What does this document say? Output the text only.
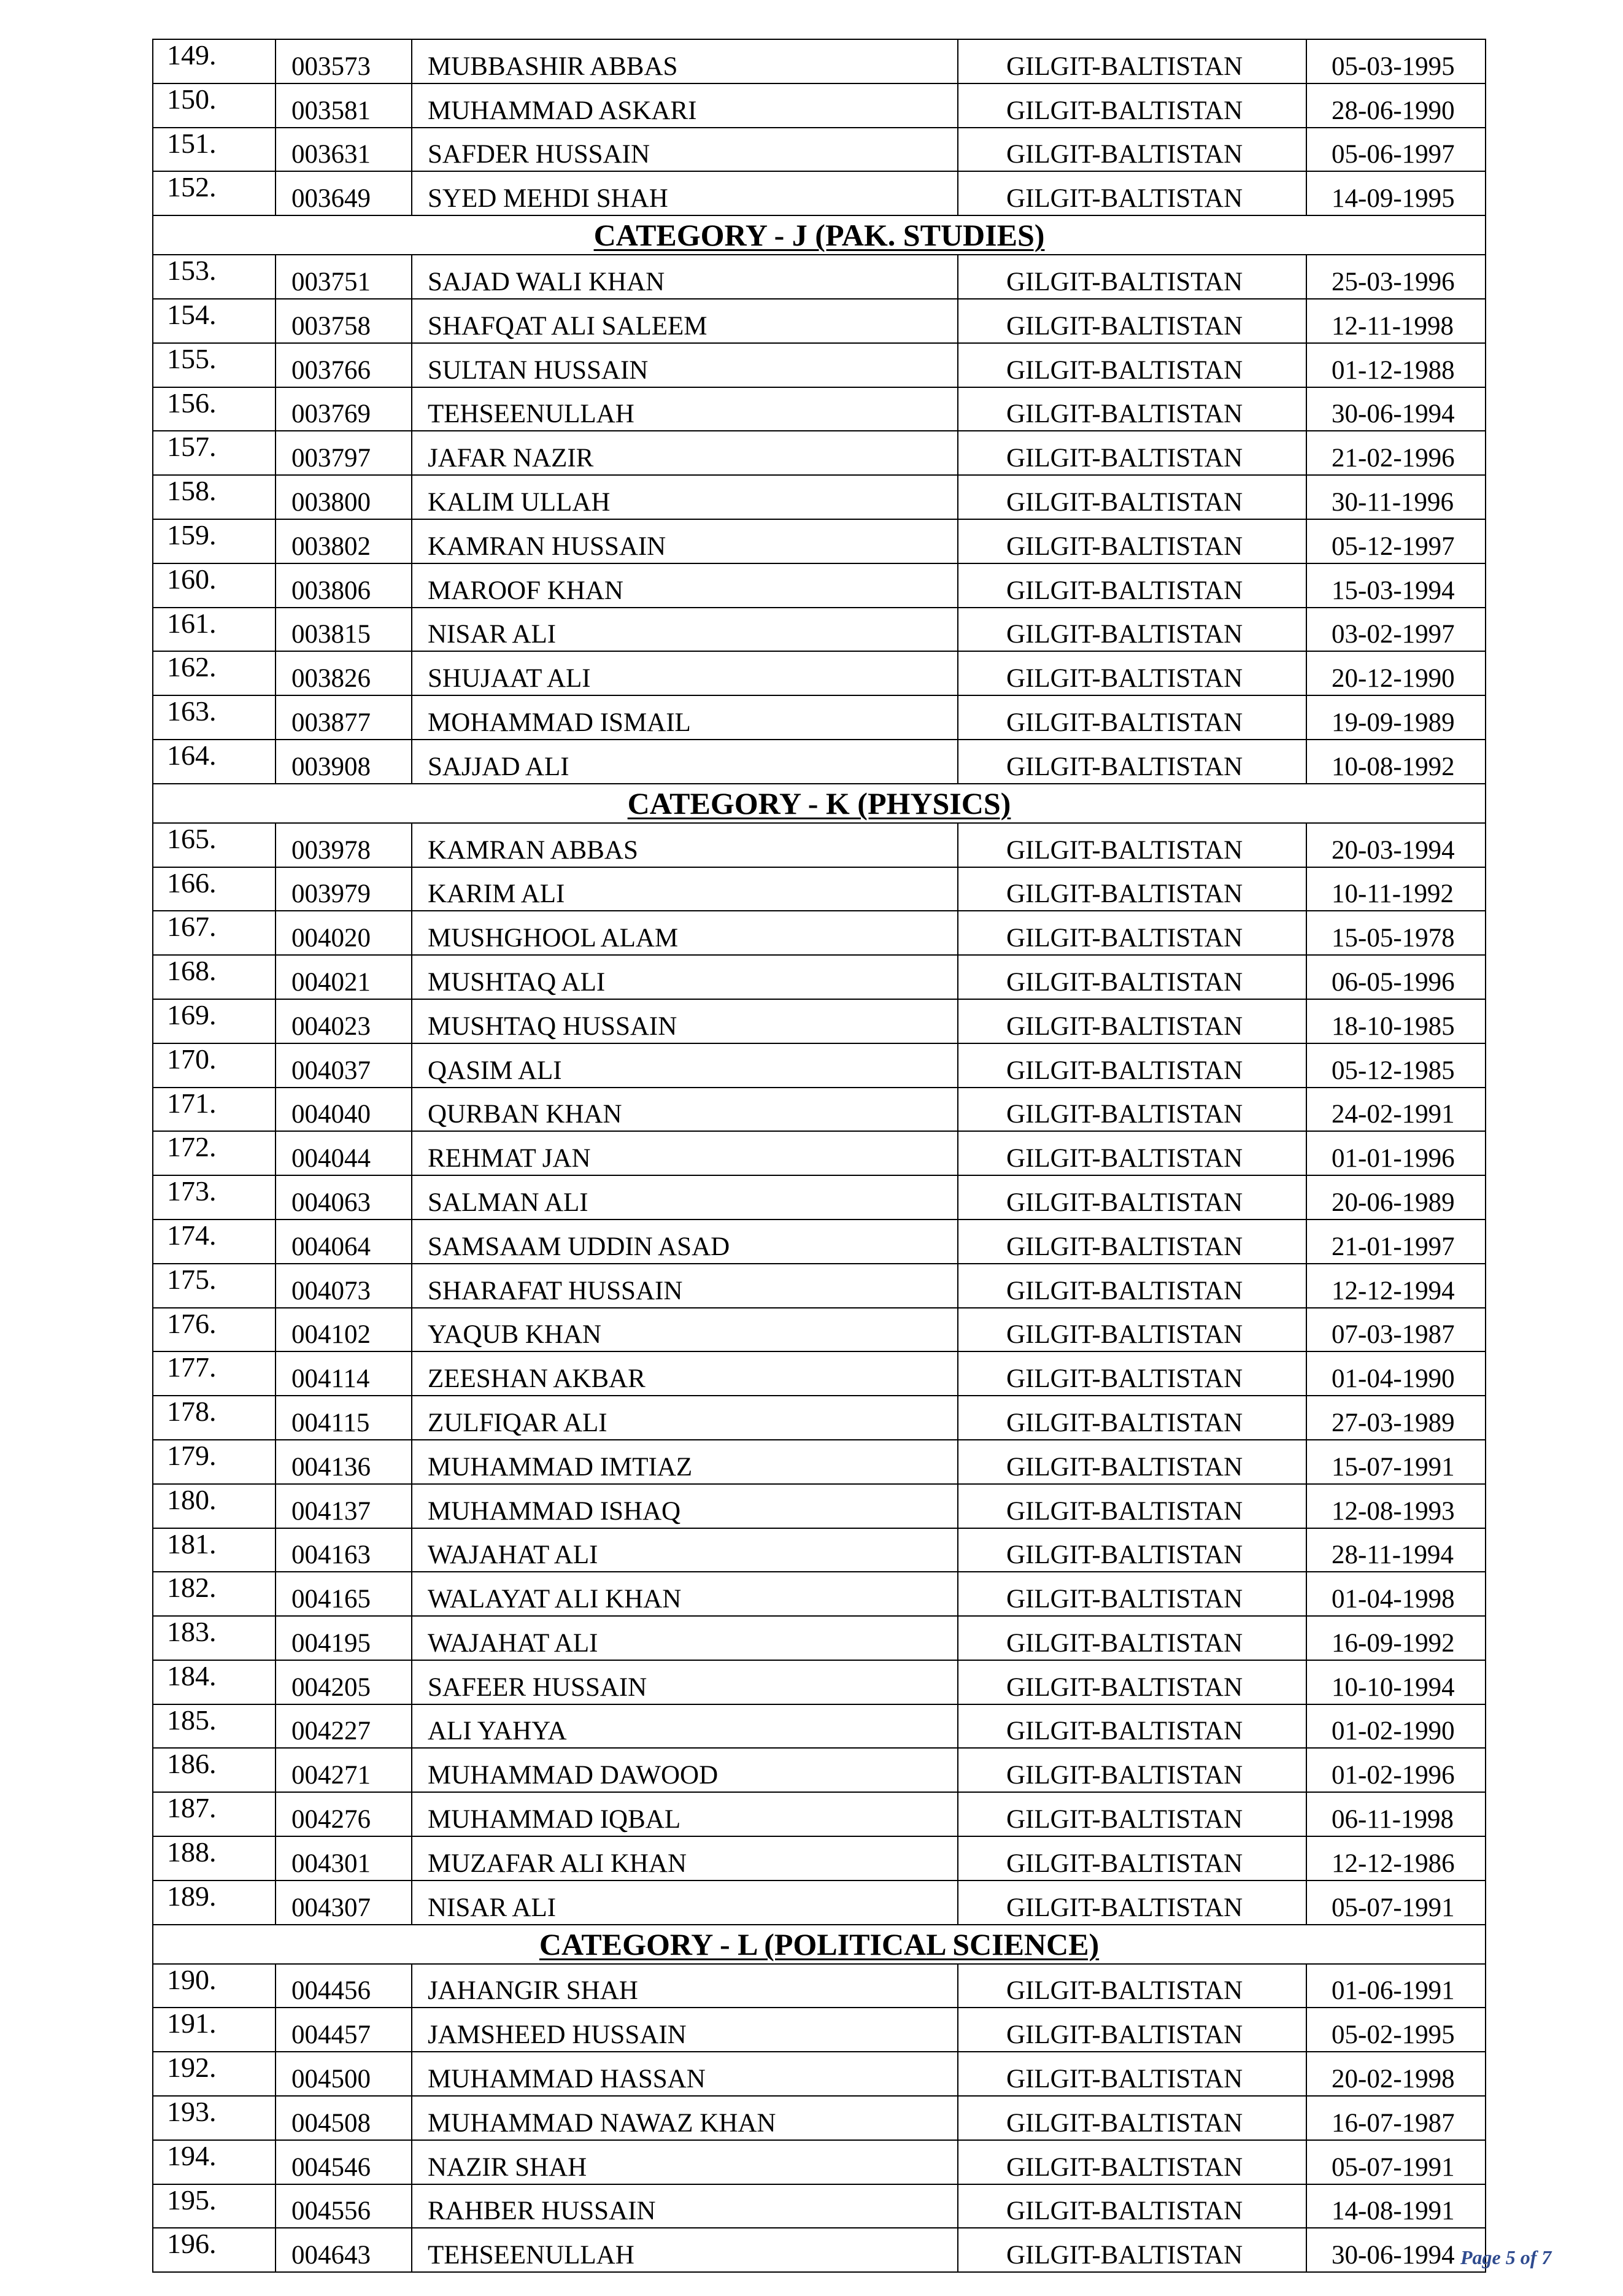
149.	003573	MUBBASHIR ABBAS	GILGIT-BALTISTAN	05-03-1995
150.	003581	MUHAMMAD ASKARI	GILGIT-BALTISTAN	28-06-1990
151.	003631	SAFDER HUSSAIN	GILGIT-BALTISTAN	05-06-1997
152.	003649	SYED MEHDI SHAH	GILGIT-BALTISTAN	14-09-1995
CATEGORY - J (PAK. STUDIES)				
153.	003751	SAJAD WALI KHAN	GILGIT-BALTISTAN	25-03-1996
154.	003758	SHAFQAT ALI SALEEM	GILGIT-BALTISTAN	12-11-1998
155.	003766	SULTAN HUSSAIN	GILGIT-BALTISTAN	01-12-1988
156.	003769	TEHSEENULLAH	GILGIT-BALTISTAN	30-06-1994
157.	003797	JAFAR NAZIR	GILGIT-BALTISTAN	21-02-1996
158.	003800	KALIM ULLAH	GILGIT-BALTISTAN	30-11-1996
159.	003802	KAMRAN HUSSAIN	GILGIT-BALTISTAN	05-12-1997
160.	003806	MAROOF KHAN	GILGIT-BALTISTAN	15-03-1994
161.	003815	NISAR ALI	GILGIT-BALTISTAN	03-02-1997
162.	003826	SHUJAAT ALI	GILGIT-BALTISTAN	20-12-1990
163.	003877	MOHAMMAD ISMAIL	GILGIT-BALTISTAN	19-09-1989
164.	003908	SAJJAD ALI	GILGIT-BALTISTAN	10-08-1992
CATEGORY - K (PHYSICS)				
165.	003978	KAMRAN ABBAS	GILGIT-BALTISTAN	20-03-1994
166.	003979	KARIM ALI	GILGIT-BALTISTAN	10-11-1992
167.	004020	MUSHGHOOL ALAM	GILGIT-BALTISTAN	15-05-1978
168.	004021	MUSHTAQ ALI	GILGIT-BALTISTAN	06-05-1996
169.	004023	MUSHTAQ HUSSAIN	GILGIT-BALTISTAN	18-10-1985
170.	004037	QASIM ALI	GILGIT-BALTISTAN	05-12-1985
171.	004040	QURBAN KHAN	GILGIT-BALTISTAN	24-02-1991
172.	004044	REHMAT JAN	GILGIT-BALTISTAN	01-01-1996
173.	004063	SALMAN ALI	GILGIT-BALTISTAN	20-06-1989
174.	004064	SAMSAAM UDDIN ASAD	GILGIT-BALTISTAN	21-01-1997
175.	004073	SHARAFAT HUSSAIN	GILGIT-BALTISTAN	12-12-1994
176.	004102	YAQUB KHAN	GILGIT-BALTISTAN	07-03-1987
177.	004114	ZEESHAN AKBAR	GILGIT-BALTISTAN	01-04-1990
178.	004115	ZULFIQAR ALI	GILGIT-BALTISTAN	27-03-1989
179.	004136	MUHAMMAD IMTIAZ	GILGIT-BALTISTAN	15-07-1991
180.	004137	MUHAMMAD ISHAQ	GILGIT-BALTISTAN	12-08-1993
181.	004163	WAJAHAT ALI	GILGIT-BALTISTAN	28-11-1994
182.	004165	WALAYAT ALI KHAN	GILGIT-BALTISTAN	01-04-1998
183.	004195	WAJAHAT ALI	GILGIT-BALTISTAN	16-09-1992
184.	004205	SAFEER HUSSAIN	GILGIT-BALTISTAN	10-10-1994
185.	004227	ALI YAHYA	GILGIT-BALTISTAN	01-02-1990
186.	004271	MUHAMMAD DAWOOD	GILGIT-BALTISTAN	01-02-1996
187.	004276	MUHAMMAD IQBAL	GILGIT-BALTISTAN	06-11-1998
188.	004301	MUZAFAR ALI KHAN	GILGIT-BALTISTAN	12-12-1986
189.	004307	NISAR ALI	GILGIT-BALTISTAN	05-07-1991
CATEGORY - L (POLITICAL SCIENCE)				
190.	004456	JAHANGIR SHAH	GILGIT-BALTISTAN	01-06-1991
191.	004457	JAMSHEED HUSSAIN	GILGIT-BALTISTAN	05-02-1995
192.	004500	MUHAMMAD HASSAN	GILGIT-BALTISTAN	20-02-1998
193.	004508	MUHAMMAD NAWAZ KHAN	GILGIT-BALTISTAN	16-07-1987
194.	004546	NAZIR SHAH	GILGIT-BALTISTAN	05-07-1991
195.	004556	RAHBER HUSSAIN	GILGIT-BALTISTAN	14-08-1991
196.	004643	TEHSEENULLAH	GILGIT-BALTISTAN	30-06-1994 Page 5 of 7
